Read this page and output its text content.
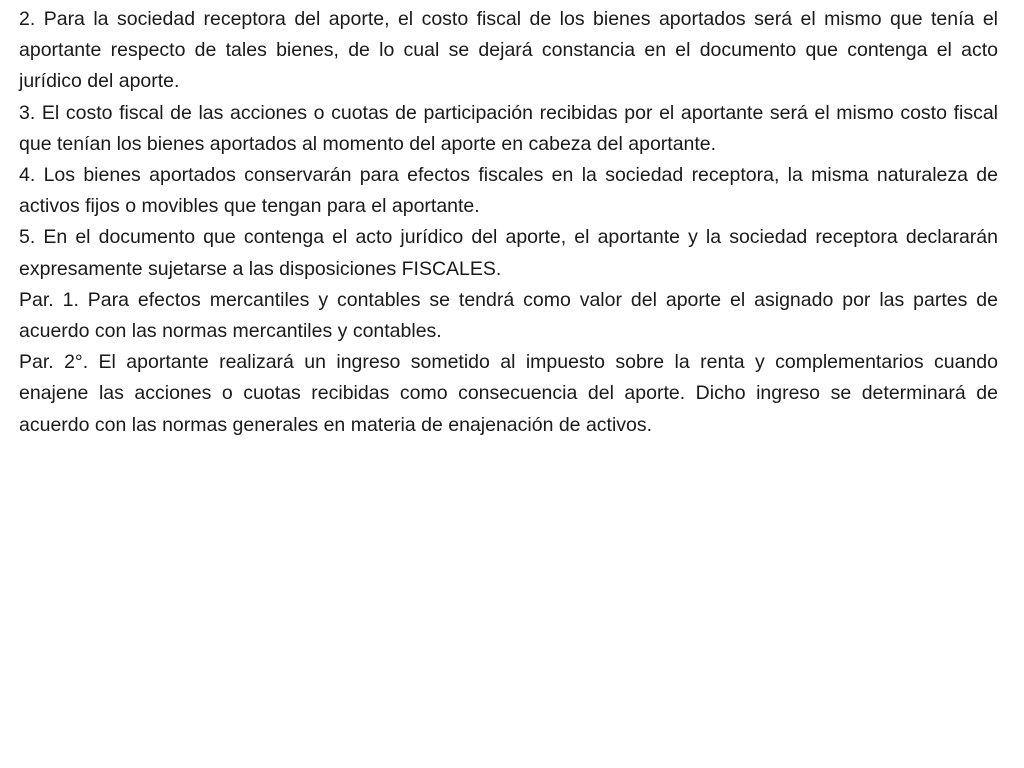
2. Para la sociedad receptora del aporte, el costo fiscal de los bienes aportados será el mismo que tenía el aportante respecto de tales bienes, de lo cual se dejará constancia en el documento que contenga el acto jurídico del aporte.

3. El costo fiscal de las acciones o cuotas de participación recibidas por el aportante será el mismo costo fiscal que tenían los bienes aportados al momento del aporte en cabeza del aportante.

4. Los bienes aportados conservarán para efectos fiscales en la sociedad receptora, la misma naturaleza de activos fijos o movibles que tengan para el aportante.

5. En el documento que contenga el acto jurídico del aporte, el aportante y la sociedad receptora declararán expresamente sujetarse a las disposiciones FISCALES.

Par. 1. Para efectos mercantiles y contables se tendrá como valor del aporte el asignado por las partes de acuerdo con las normas mercantiles y contables.

Par. 2°. El aportante realizará un ingreso sometido al impuesto sobre la renta y complementarios cuando enajene las acciones o cuotas recibidas como consecuencia del aporte. Dicho ingreso se determinará de acuerdo con las normas generales en materia de enajenación de activos.
